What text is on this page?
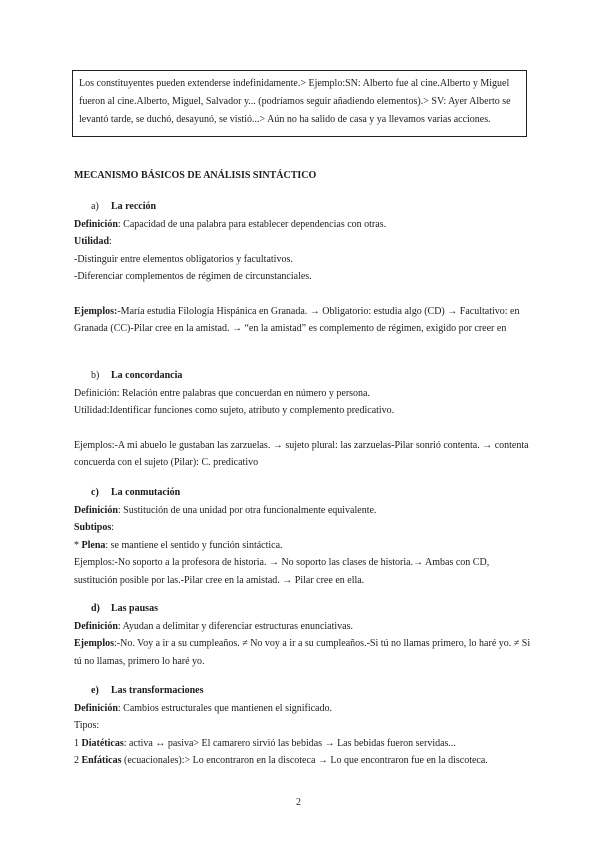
Los constituyentes pueden extenderse indefinidamente.> Ejemplo:SN: Alberto fue al cine.Alberto y Miguel fueron al cine.Alberto, Miguel, Salvador y... (podríamos seguir añadiendo elementos).> SV: Ayer Alberto se levantó tarde, se duchó, desayunó, se vistió...> Aún no ha salido de casa y ya llevamos varias acciones.
MECANISMO BÁSICOS DE ANÁLISIS SINTÁCTICO
a) La rección
Definición: Capacidad de una palabra para establecer dependencias con otras.
Utilidad:
-Distinguir entre elementos obligatorios y facultativos.
-Diferenciar complementos de régimen de circunstanciales.
Ejemplos:-María estudia Filología Hispánica en Granada. → Obligatorio: estudia algo (CD) → Facultativo: en Granada (CC)-Pilar cree en la amistad. → “en la amistad” es complemento de régimen, exigido por creer en
b) La concordancia
Definición: Relación entre palabras que concuerdan en número y persona.
Utilidad:Identificar funciones como sujeto, atributo y complemento predicativo.
Ejemplos:-A mi abuelo le gustaban las zarzuelas. → sujeto plural: las zarzuelas-Pilar sonrió contenta. → contenta concuerda con el sujeto (Pilar): C. predicativo
c) La conmutación
Definición: Sustitución de una unidad por otra funcionalmente equivalente.
Subtipos:
* Plena: se mantiene el sentido y función sintáctica.
Ejemplos:-No soporto a la profesora de historia. → No soporto las clases de historia.→ Ambas con CD, sustitución posible por las.-Pilar cree en la amistad. → Pilar cree en ella.
d) Las pausas
Definición: Ayudan a delimitar y diferenciar estructuras enunciativas.
Ejemplos:-No. Voy a ir a su cumpleaños. ≠ No voy a ir a su cumpleaños.-Si tú no llamas primero, lo haré yo. ≠ Si tú no llamas, primero lo haré yo.
e) Las transformaciones
Definición: Cambios estructurales que mantienen el significado.
Tipos:
1 Diatéticas: activa ↔ pasiva> El camarero sirvió las bebidas → Las bebidas fueron servidas...
2 Enfáticas (ecuacionales):> Lo encontraron en la discoteca → Lo que encontraron fue en la discoteca.
2
